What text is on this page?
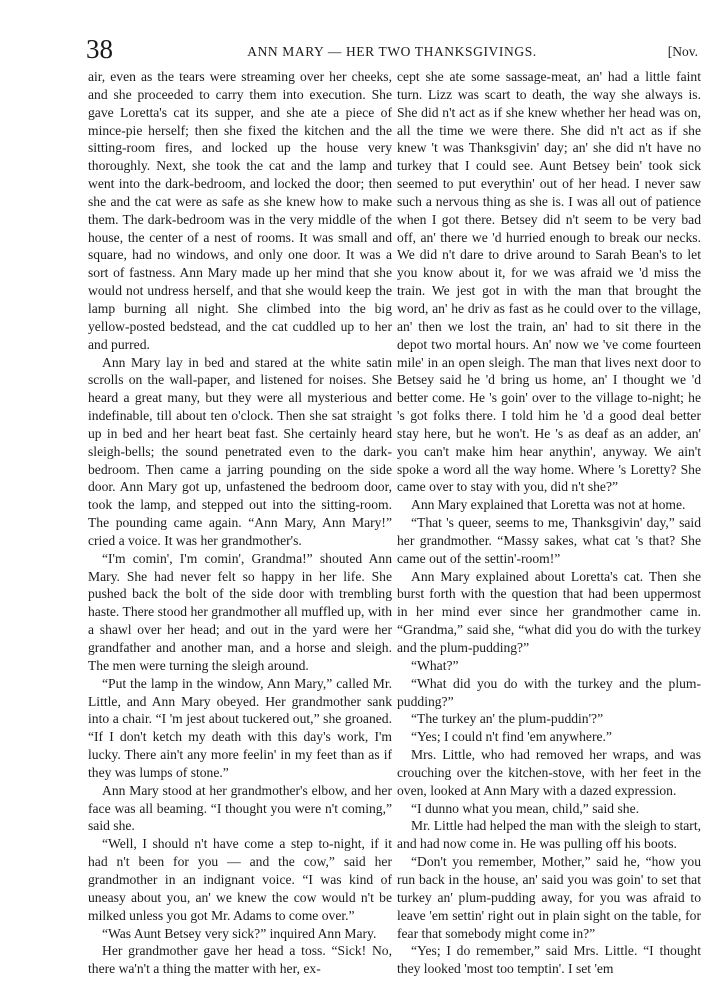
38	ANN MARY — HER TWO THANKSGIVINGS.	[Nov.

air, even as the tears were streaming over her cheeks, and she proceeded to carry them into execution. She gave Loretta's cat its supper, and she ate a piece of mince-pie herself; then she fixed the kitchen and the sitting-room fires, and locked up the house very thoroughly. Next, she took the cat and the lamp and went into the dark-bedroom, and locked the door; then she and the cat were as safe as she knew how to make them. The dark-bedroom was in the very middle of the house, the center of a nest of rooms. It was small and square, had no windows, and only one door. It was a sort of fastness. Ann Mary made up her mind that she would not undress herself, and that she would keep the lamp burning all night. She climbed into the big yellow-posted bedstead, and the cat cuddled up to her and purred.

Ann Mary lay in bed and stared at the white satin scrolls on the wall-paper, and listened for noises. She heard a great many, but they were all mysterious and indefinable, till about ten o'clock. Then she sat straight up in bed and her heart beat fast. She certainly heard sleigh-bells; the sound penetrated even to the dark-bedroom. Then came a jarring pounding on the side door. Ann Mary got up, unfastened the bedroom door, took the lamp, and stepped out into the sitting-room. The pounding came again. “Ann Mary, Ann Mary!” cried a voice. It was her grandmother's.

“I'm comin', I'm comin', Grandma!” shouted Ann Mary. She had never felt so happy in her life. She pushed back the bolt of the side door with trembling haste. There stood her grandmother all muffled up, with a shawl over her head; and out in the yard were her grandfather and another man, and a horse and sleigh. The men were turning the sleigh around.

“Put the lamp in the window, Ann Mary,” called Mr. Little, and Ann Mary obeyed. Her grandmother sank into a chair. “I 'm jest about tuckered out,” she groaned. “If I don't ketch my death with this day's work, I'm lucky. There ain't any more feelin' in my feet than as if they was lumps of stone.”

Ann Mary stood at her grandmother's elbow, and her face was all beaming. “I thought you were n't coming,” said she.

“Well, I should n't have come a step to-night, if it had n't been for you — and the cow,” said her grandmother in an indignant voice. “I was kind of uneasy about you, an' we knew the cow would n't be milked unless you got Mr. Adams to come over.”

“Was Aunt Betsey very sick?” inquired Ann Mary.

Her grandmother gave her head a toss. “Sick! No, there wa'n't a thing the matter with her, ex-

cept she ate some sassage-meat, an' had a little faint turn. Lizz was scart to death, the way she always is. She did n't act as if she knew whether her head was on, all the time we were there. She did n't act as if she knew 't was Thanksgivin' day; an' she did n't have no turkey that I could see. Aunt Betsey bein' took sick seemed to put everythin' out of her head. I never saw such a nervous thing as she is. I was all out of patience when I got there. Betsey did n't seem to be very bad off, an' there we 'd hurried enough to break our necks. We did n't dare to drive around to Sarah Bean's to let you know about it, for we was afraid we 'd miss the train. We jest got in with the man that brought the word, an' he driv as fast as he could over to the village, an' then we lost the train, an' had to sit there in the depot two mortal hours. An' now we 've come fourteen mile' in an open sleigh. The man that lives next door to Betsey said he 'd bring us home, an' I thought we 'd better come. He 's goin' over to the village to-night; he 's got folks there. I told him he 'd a good deal better stay here, but he won't. He 's as deaf as an adder, an' you can't make him hear anythin', anyway. We ain't spoke a word all the way home. Where 's Loretty? She came over to stay with you, did n't she?”

Ann Mary explained that Loretta was not at home.

“That 's queer, seems to me, Thanksgivin' day,” said her grandmother. “Massy sakes, what cat 's that? She came out of the settin'-room!”

Ann Mary explained about Loretta's cat. Then she burst forth with the question that had been uppermost in her mind ever since her grandmother came in. “Grandma,” said she, “what did you do with the turkey and the plum-pudding?”

“What?”

“What did you do with the turkey and the plum-pudding?”

“The turkey an' the plum-puddin'?”

“Yes; I could n't find 'em anywhere.”

Mrs. Little, who had removed her wraps, and was crouching over the kitchen-stove, with her feet in the oven, looked at Ann Mary with a dazed expression.

“I dunno what you mean, child,” said she.

Mr. Little had helped the man with the sleigh to start, and had now come in. He was pulling off his boots.

“Don't you remember, Mother,” said he, “how you run back in the house, an' said you was goin' to set that turkey an' plum-pudding away, for you was afraid to leave 'em settin' right out in plain sight on the table, for fear that somebody might come in?”

“Yes; I do remember,” said Mrs. Little. “I thought they looked 'most too temptin'. I set 'em
